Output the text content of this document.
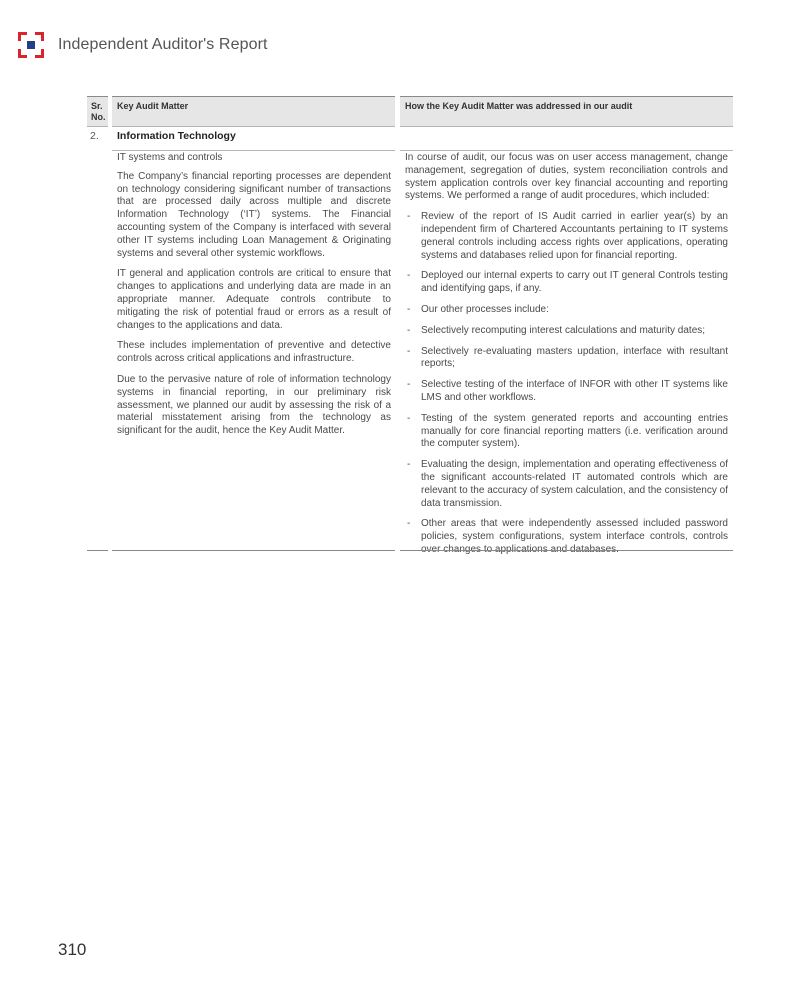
Independent Auditor's Report
Sr. No.
Key Audit Matter	How the Key Audit Matter was addressed in our audit
2.	Information Technology

IT systems and controls

The Company’s financial reporting processes are dependent on technology considering significant number of transactions that are processed daily across multiple and discrete Information Technology (‘IT’) systems. The Financial accounting system of the Company is interfaced with several other IT systems including Loan Management & Originating systems and several other systemic workflows.

IT general and application controls are critical to ensure that changes to applications and underlying data are made in an appropriate manner. Adequate controls contribute to mitigating the risk of potential fraud or errors as a result of changes to the applications and data.

These includes implementation of preventive and detective controls across critical applications and infrastructure.

Due to the pervasive nature of role of information technology systems in financial reporting, in our preliminary risk assessment, we planned our audit by assessing the risk of a material misstatement arising from the technology as significant for the audit, hence the Key Audit Matter.

In course of audit, our focus was on user access management, change management, segregation of duties, system reconciliation controls and system application controls over key financial accounting and reporting systems. We performed a range of audit procedures, which included:

- Review of the report of IS Audit carried in earlier year(s) by an independent firm of Chartered Accountants pertaining to IT systems general controls including access rights over applications, operating systems and databases relied upon for financial reporting.
- Deployed our internal experts to carry out IT general Controls testing and identifying gaps, if any.
- Our other processes include:
- Selectively recomputing interest calculations and maturity dates;
- Selectively re-evaluating masters updation, interface with resultant reports;
- Selective testing of the interface of INFOR with other IT systems like LMS and other workflows.
- Testing of the system generated reports and accounting entries manually for core financial reporting matters (i.e. verification around the computer system).
- Evaluating the design, implementation and operating effectiveness of the significant accounts-related IT automated controls which are relevant to the accuracy of system calculation, and the consistency of data transmission.
- Other areas that were independently assessed included password policies, system configurations, system interface controls, controls over changes to applications and databases.
310
